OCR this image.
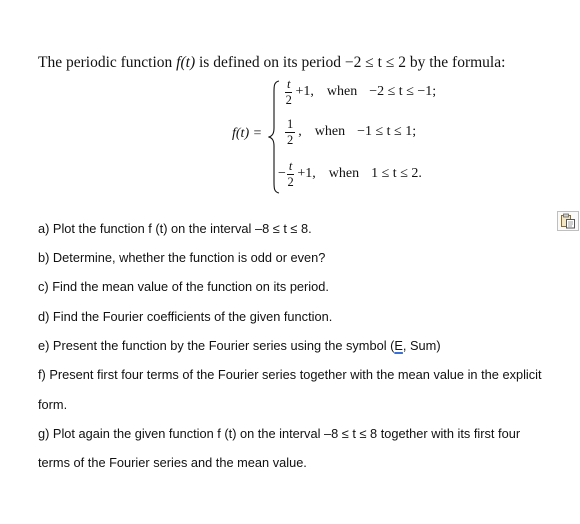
The periodic function f(t) is defined on its period −2 ≤ t ≤ 2 by the formula:
f(t) =
$\frac{t}{2} +1$, when −2 ≤ t ≤ −1;
$\frac{1}{2}$ , when −1 ≤ t ≤ 1;
− $\frac{t}{2} +1$, when 1 ≤ t ≤ 2.
a) Plot the function f (t) on the interval –8 ≤ t ≤ 8.
b) Determine, whether the function is odd or even?
c) Find the mean value of the function on its period.
d) Find the Fourier coefficients of the given function.
e) Present the function by the Fourier series using the symbol (E, Sum)
f) Present first four terms of the Fourier series together with the mean value in the explicit
form.
g) Plot again the given function f (t) on the interval –8 ≤ t ≤ 8 together with its first four
terms of the Fourier series and the mean value.
